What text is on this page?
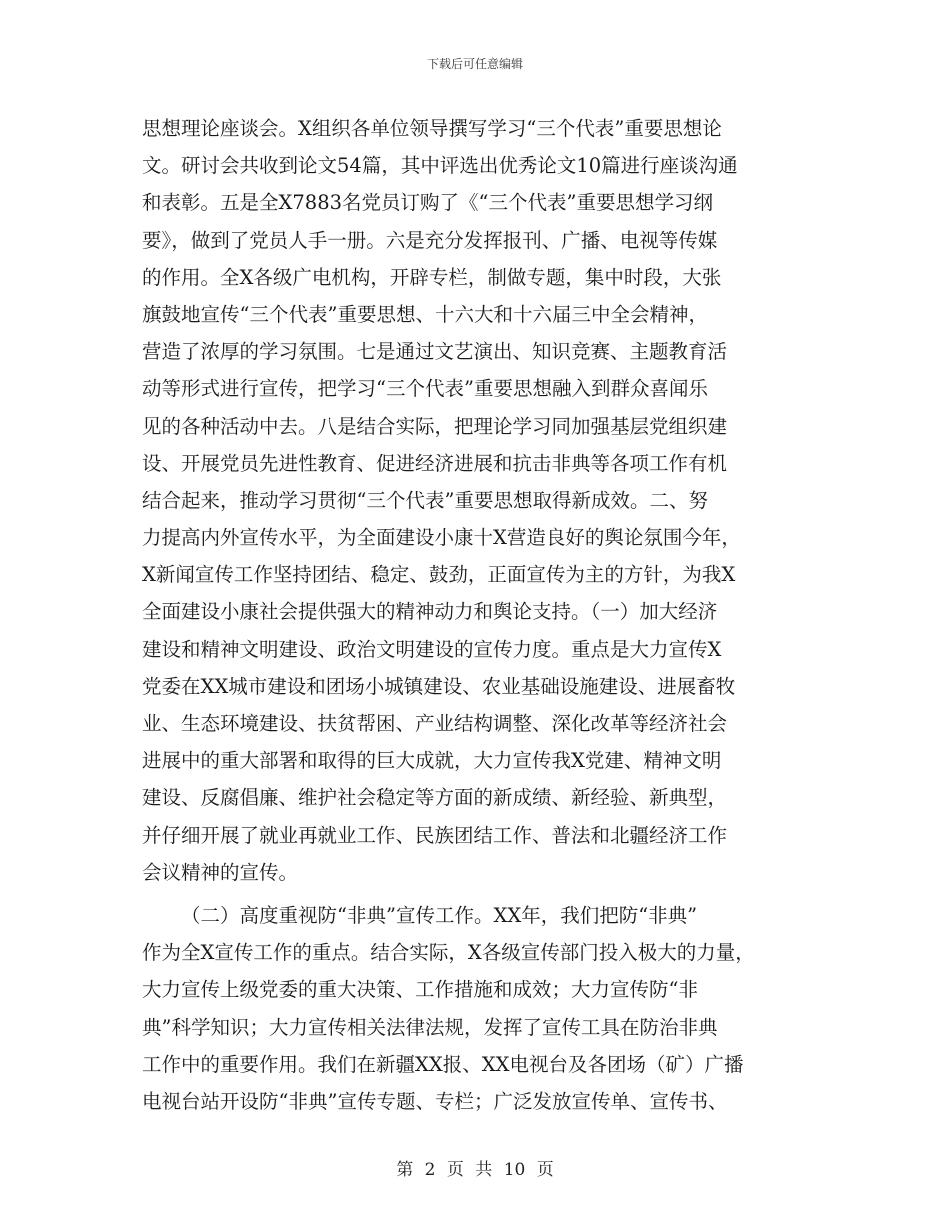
下载后可任意编辑
思想理论座谈会。X组织各单位领导撰写学习“三个代表”重要思想论
文。研讨会共收到论文54篇，其中评选出优秀论文10篇进行座谈沟通
和表彰。五是全X7883名党员订购了《“三个代表”重要思想学习纲
要》，做到了党员人手一册。六是充分发挥报刊、广播、电视等传媒
的作用。全X各级广电机构，开辟专栏，制做专题，集中时段，大张
旗鼓地宣传“三个代表”重要思想、十六大和十六届三中全会精神，
营造了浓厚的学习氛围。七是通过文艺演出、知识竞赛、主题教育活
动等形式进行宣传，把学习“三个代表”重要思想融入到群众喜闻乐
见的各种活动中去。八是结合实际，把理论学习同加强基层党组织建
设、开展党员先进性教育、促进经济进展和抗击非典等各项工作有机
结合起来，推动学习贯彻“三个代表”重要思想取得新成效。二、努
力提高内外宣传水平，为全面建设小康十X营造良好的舆论氛围今年，
X新闻宣传工作坚持团结、稳定、鼓劲，正面宣传为主的方针，为我X
全面建设小康社会提供强大的精神动力和舆论支持。（一）加大经济
建设和精神文明建设、政治文明建设的宣传力度。重点是大力宣传X
党委在XX城市建设和团场小城镇建设、农业基础设施建设、进展畜牧
业、生态环境建设、扶贫帮困、产业结构调整、深化改革等经济社会
进展中的重大部署和取得的巨大成就，大力宣传我X党建、精神文明
建设、反腐倡廉、维护社会稳定等方面的新成绩、新经验、新典型，
并仔细开展了就业再就业工作、民族团结工作、普法和北疆经济工作
会议精神的宣传。
（二）高度重视防“非典”宣传工作。XX年，我们把防“非典”
作为全X宣传工作的重点。结合实际，X各级宣传部门投入极大的力量，
大力宣传上级党委的重大决策、工作措施和成效；大力宣传防“非
典”科学知识；大力宣传相关法律法规，发挥了宣传工具在防治非典
工作中的重要作用。我们在新疆XX报、XX电视台及各团场（矿）广播
电视台站开设防“非典”宣传专题、专栏；广泛发放宣传单、宣传书、
第 2 页 共 10 页
